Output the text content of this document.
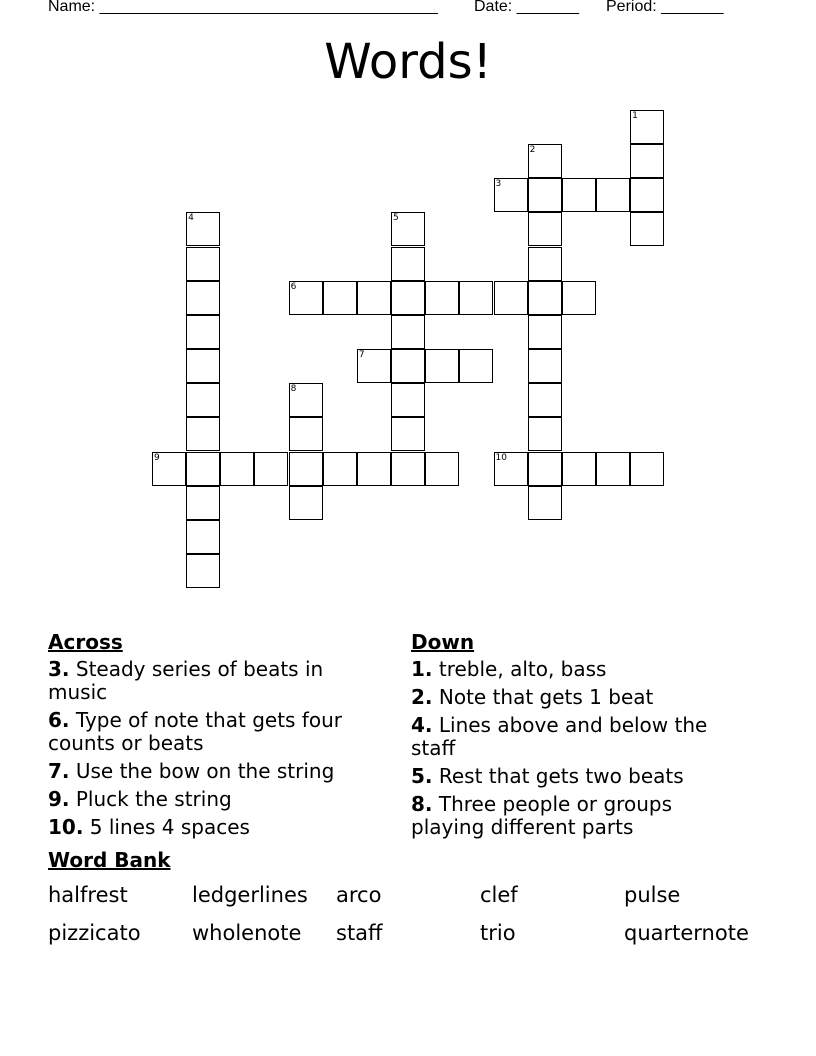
Name: ______________________________________ Date: _______ Period: _______
Words!
1
2
3
4	5
6
7
8
9	10
Across
3. Steady series of beats in music
6. Type of note that gets four counts or beats
7. Use the bow on the string
9. Pluck the string
10. 5 lines 4 spaces
Down
1. treble, alto, bass
2. Note that gets 1 beat
4. Lines above and below the staff
5. Rest that gets two beats
8. Three people or groups playing different parts
Word Bank
halfrest	ledgerlines arco	clef	pulse
pizzicato wholenote staff	trio	quarternote
